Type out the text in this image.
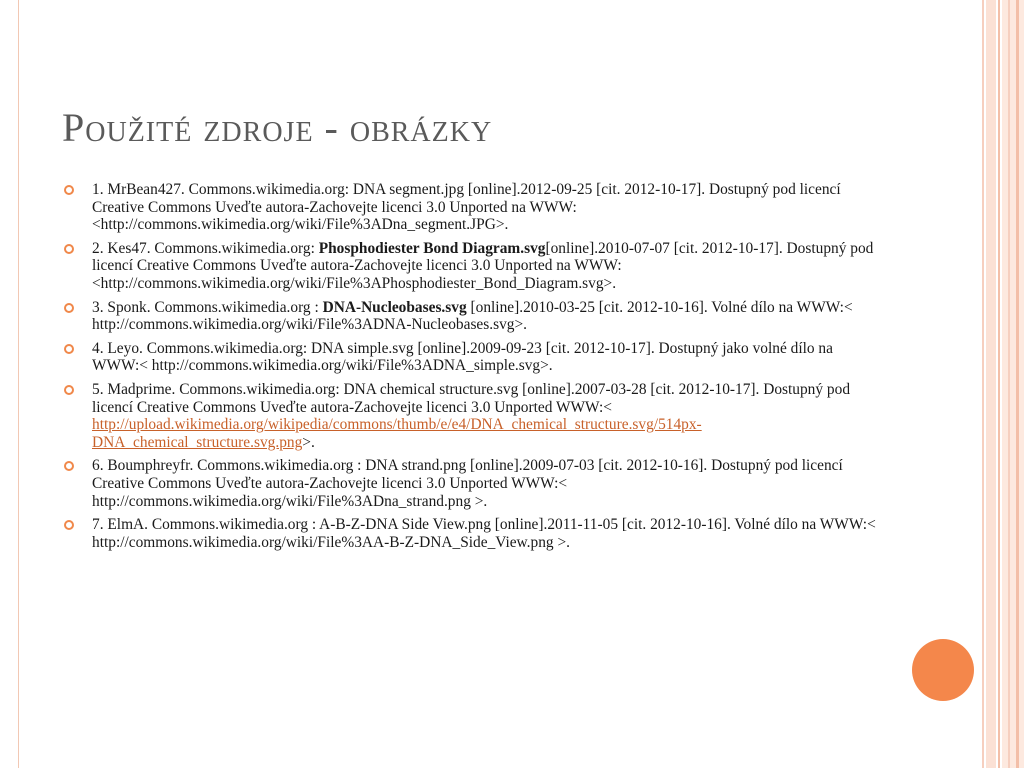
Použité zdroje - obrázky
1. MrBean427. Commons.wikimedia.org: DNA segment.jpg [online].2012-09-25 [cit. 2012-10-17]. Dostupný pod licencí Creative Commons Uveďte autora-Zachovejte licenci 3.0 Unported na WWW:<http://commons.wikimedia.org/wiki/File%3ADna_segment.JPG>.
2. Kes47. Commons.wikimedia.org: Phosphodiester Bond Diagram.svg[online].2010-07-07 [cit. 2012-10-17]. Dostupný pod licencí Creative Commons Uveďte autora-Zachovejte licenci 3.0 Unported na WWW:<http://commons.wikimedia.org/wiki/File%3APhosphodiester_Bond_Diagram.svg>.
3. Sponk. Commons.wikimedia.org : DNA-Nucleobases.svg [online].2010-03-25 [cit. 2012-10-16]. Volné dílo na WWW:< http://commons.wikimedia.org/wiki/File%3ADNA-Nucleobases.svg>.
4. Leyo. Commons.wikimedia.org: DNA simple.svg [online].2009-09-23 [cit. 2012-10-17]. Dostupný jako volné dílo na WWW:< http://commons.wikimedia.org/wiki/File%3ADNA_simple.svg>.
5. Madprime. Commons.wikimedia.org: DNA chemical structure.svg [online].2007-03-28 [cit. 2012-10-17]. Dostupný pod licencí Creative Commons Uveďte autora-Zachovejte licenci 3.0 Unported WWW:< http://upload.wikimedia.org/wikipedia/commons/thumb/e/e4/DNA_chemical_structure.svg/514px-DNA_chemical_structure.svg.png>.
6. Boumphreyfr. Commons.wikimedia.org : DNA strand.png [online].2009-07-03 [cit. 2012-10-16]. Dostupný pod licencí Creative Commons Uveďte autora-Zachovejte licenci 3.0 Unported WWW:< http://commons.wikimedia.org/wiki/File%3ADna_strand.png >.
7. ElmA. Commons.wikimedia.org : A-B-Z-DNA Side View.png [online].2011-11-05 [cit. 2012-10-16]. Volné dílo na WWW:< http://commons.wikimedia.org/wiki/File%3AA-B-Z-DNA_Side_View.png >.
